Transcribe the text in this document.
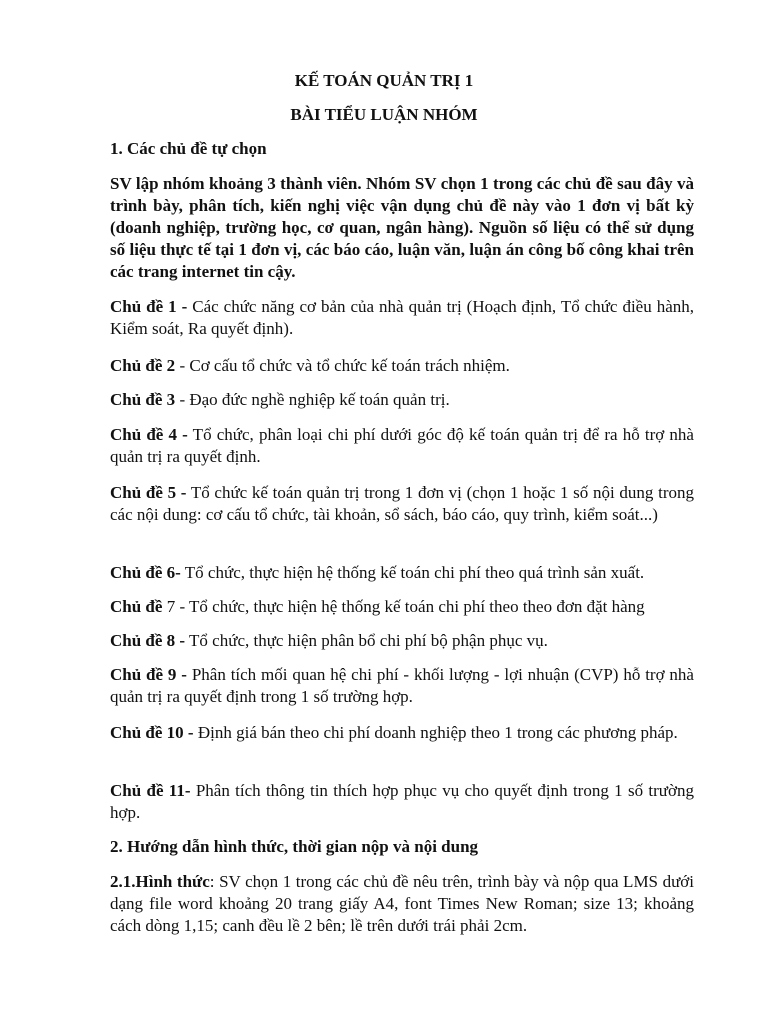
KẾ TOÁN QUẢN TRỊ 1
BÀI TIỂU LUẬN NHÓM
1. Các chủ đề tự chọn

SV lập nhóm khoảng 3 thành viên. Nhóm SV chọn 1 trong các chủ đề sau đây và trình bày, phân tích, kiến nghị việc vận dụng chủ đề này vào 1 đơn vị bất kỳ (doanh nghiệp, trường học, cơ quan, ngân hàng). Nguồn số liệu có thể sử dụng số liệu thực tế tại 1 đơn vị, các báo cáo, luận văn, luận án công bố công khai trên các trang internet tin cậy.

Chủ đề 1 - Các chức năng cơ bản của nhà quản trị (Hoạch định, Tổ chức điều hành, Kiểm soát, Ra quyết định).

Chủ đề 2 - Cơ cấu tổ chức và tổ chức kế toán trách nhiệm.

Chủ đề 3 - Đạo đức nghề nghiệp kế toán quản trị.

Chủ đề 4 - Tổ chức, phân loại chi phí dưới góc độ kế toán quản trị để ra hỗ trợ nhà quản trị ra quyết định.

Chủ đề 5 - Tổ chức kế toán quản trị trong 1 đơn vị (chọn 1 hoặc 1 số nội dung trong các nội dung: cơ cấu tổ chức, tài khoản, sổ sách, báo cáo, quy trình, kiểm soát...)

Chủ đề 6- Tổ chức, thực hiện hệ thống kế toán chi phí theo quá trình sản xuất.

Chủ đề 7 - Tổ chức, thực hiện hệ thống kế toán chi phí theo theo đơn đặt hàng

Chủ đề 8 - Tổ chức, thực hiện phân bổ chi phí bộ phận phục vụ.

Chủ đề 9 - Phân tích mối quan hệ chi phí - khối lượng - lợi nhuận (CVP) hỗ trợ nhà quản trị ra quyết định trong 1 số trường hợp.

Chủ đề 10 - Định giá bán theo chi phí doanh nghiệp theo 1 trong các phương pháp.

Chủ đề 11- Phân tích thông tin thích hợp phục vụ cho quyết định trong 1 số trường hợp.

2. Hướng dẫn hình thức, thời gian nộp và nội dung

2.1.Hình thức: SV chọn 1 trong các chủ đề nêu trên, trình bày và nộp qua LMS dưới dạng file word khoảng 20 trang giấy A4, font Times New Roman; size 13; khoảng cách dòng 1,15; canh đều lề 2 bên; lề trên dưới trái phải 2cm.
